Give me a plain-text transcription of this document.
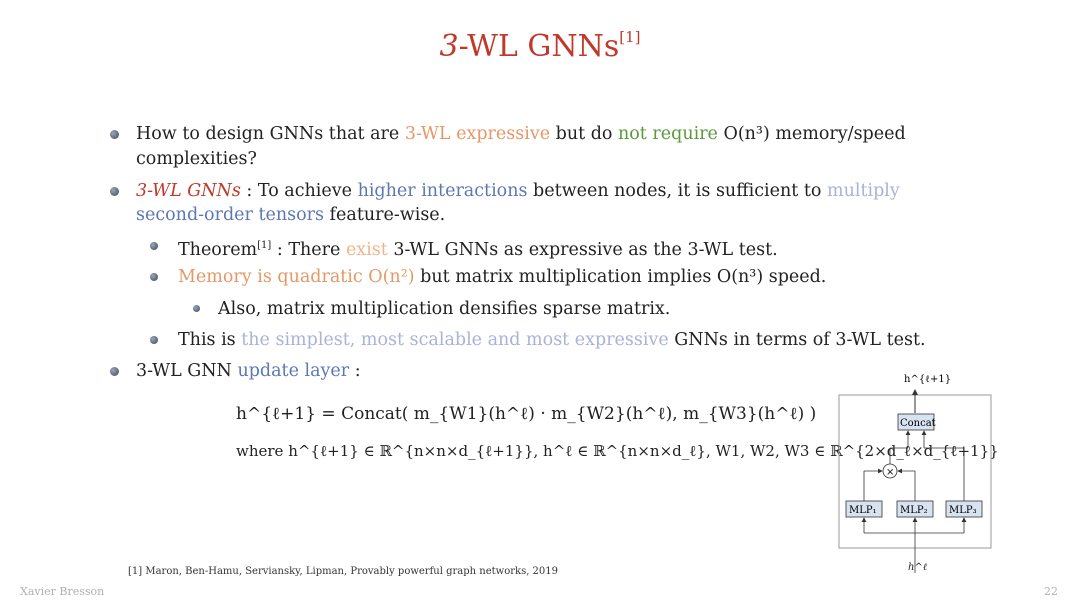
3-WL GNNs[1]
How to design GNNs that are 3-WL expressive but do not require O(n³) memory/speed
complexities?
3-WL GNNs : To achieve higher interactions between nodes, it is sufficient to multiply
second-order tensors feature-wise.
Theorem[1] : There exist 3-WL GNNs as expressive as the 3-WL test.
Memory is quadratic O(n²) but matrix multiplication implies O(n³) speed.
Also, matrix multiplication densifies sparse matrix.
This is the simplest, most scalable and most expressive GNNs in terms of 3-WL test.
3-WL GNN update layer :
h^{ℓ+1} = Concat( m_{W1}(h^ℓ) · m_{W2}(h^ℓ), m_{W3}(h^ℓ) )
where h^{ℓ+1} ∈ ℝ^{n×n×d_{ℓ+1}}, h^ℓ ∈ ℝ^{n×n×d_ℓ}, W1, W2, W3 ∈ ℝ^{2×d_ℓ×d_{ℓ+1}}
h^{ℓ+1}
Concat
×
MLP₁ MLP₂ MLP₃
h^ℓ
[1] Maron, Ben-Hamu, Serviansky, Lipman, Provably powerful graph networks, 2019
Xavier Bresson	22
